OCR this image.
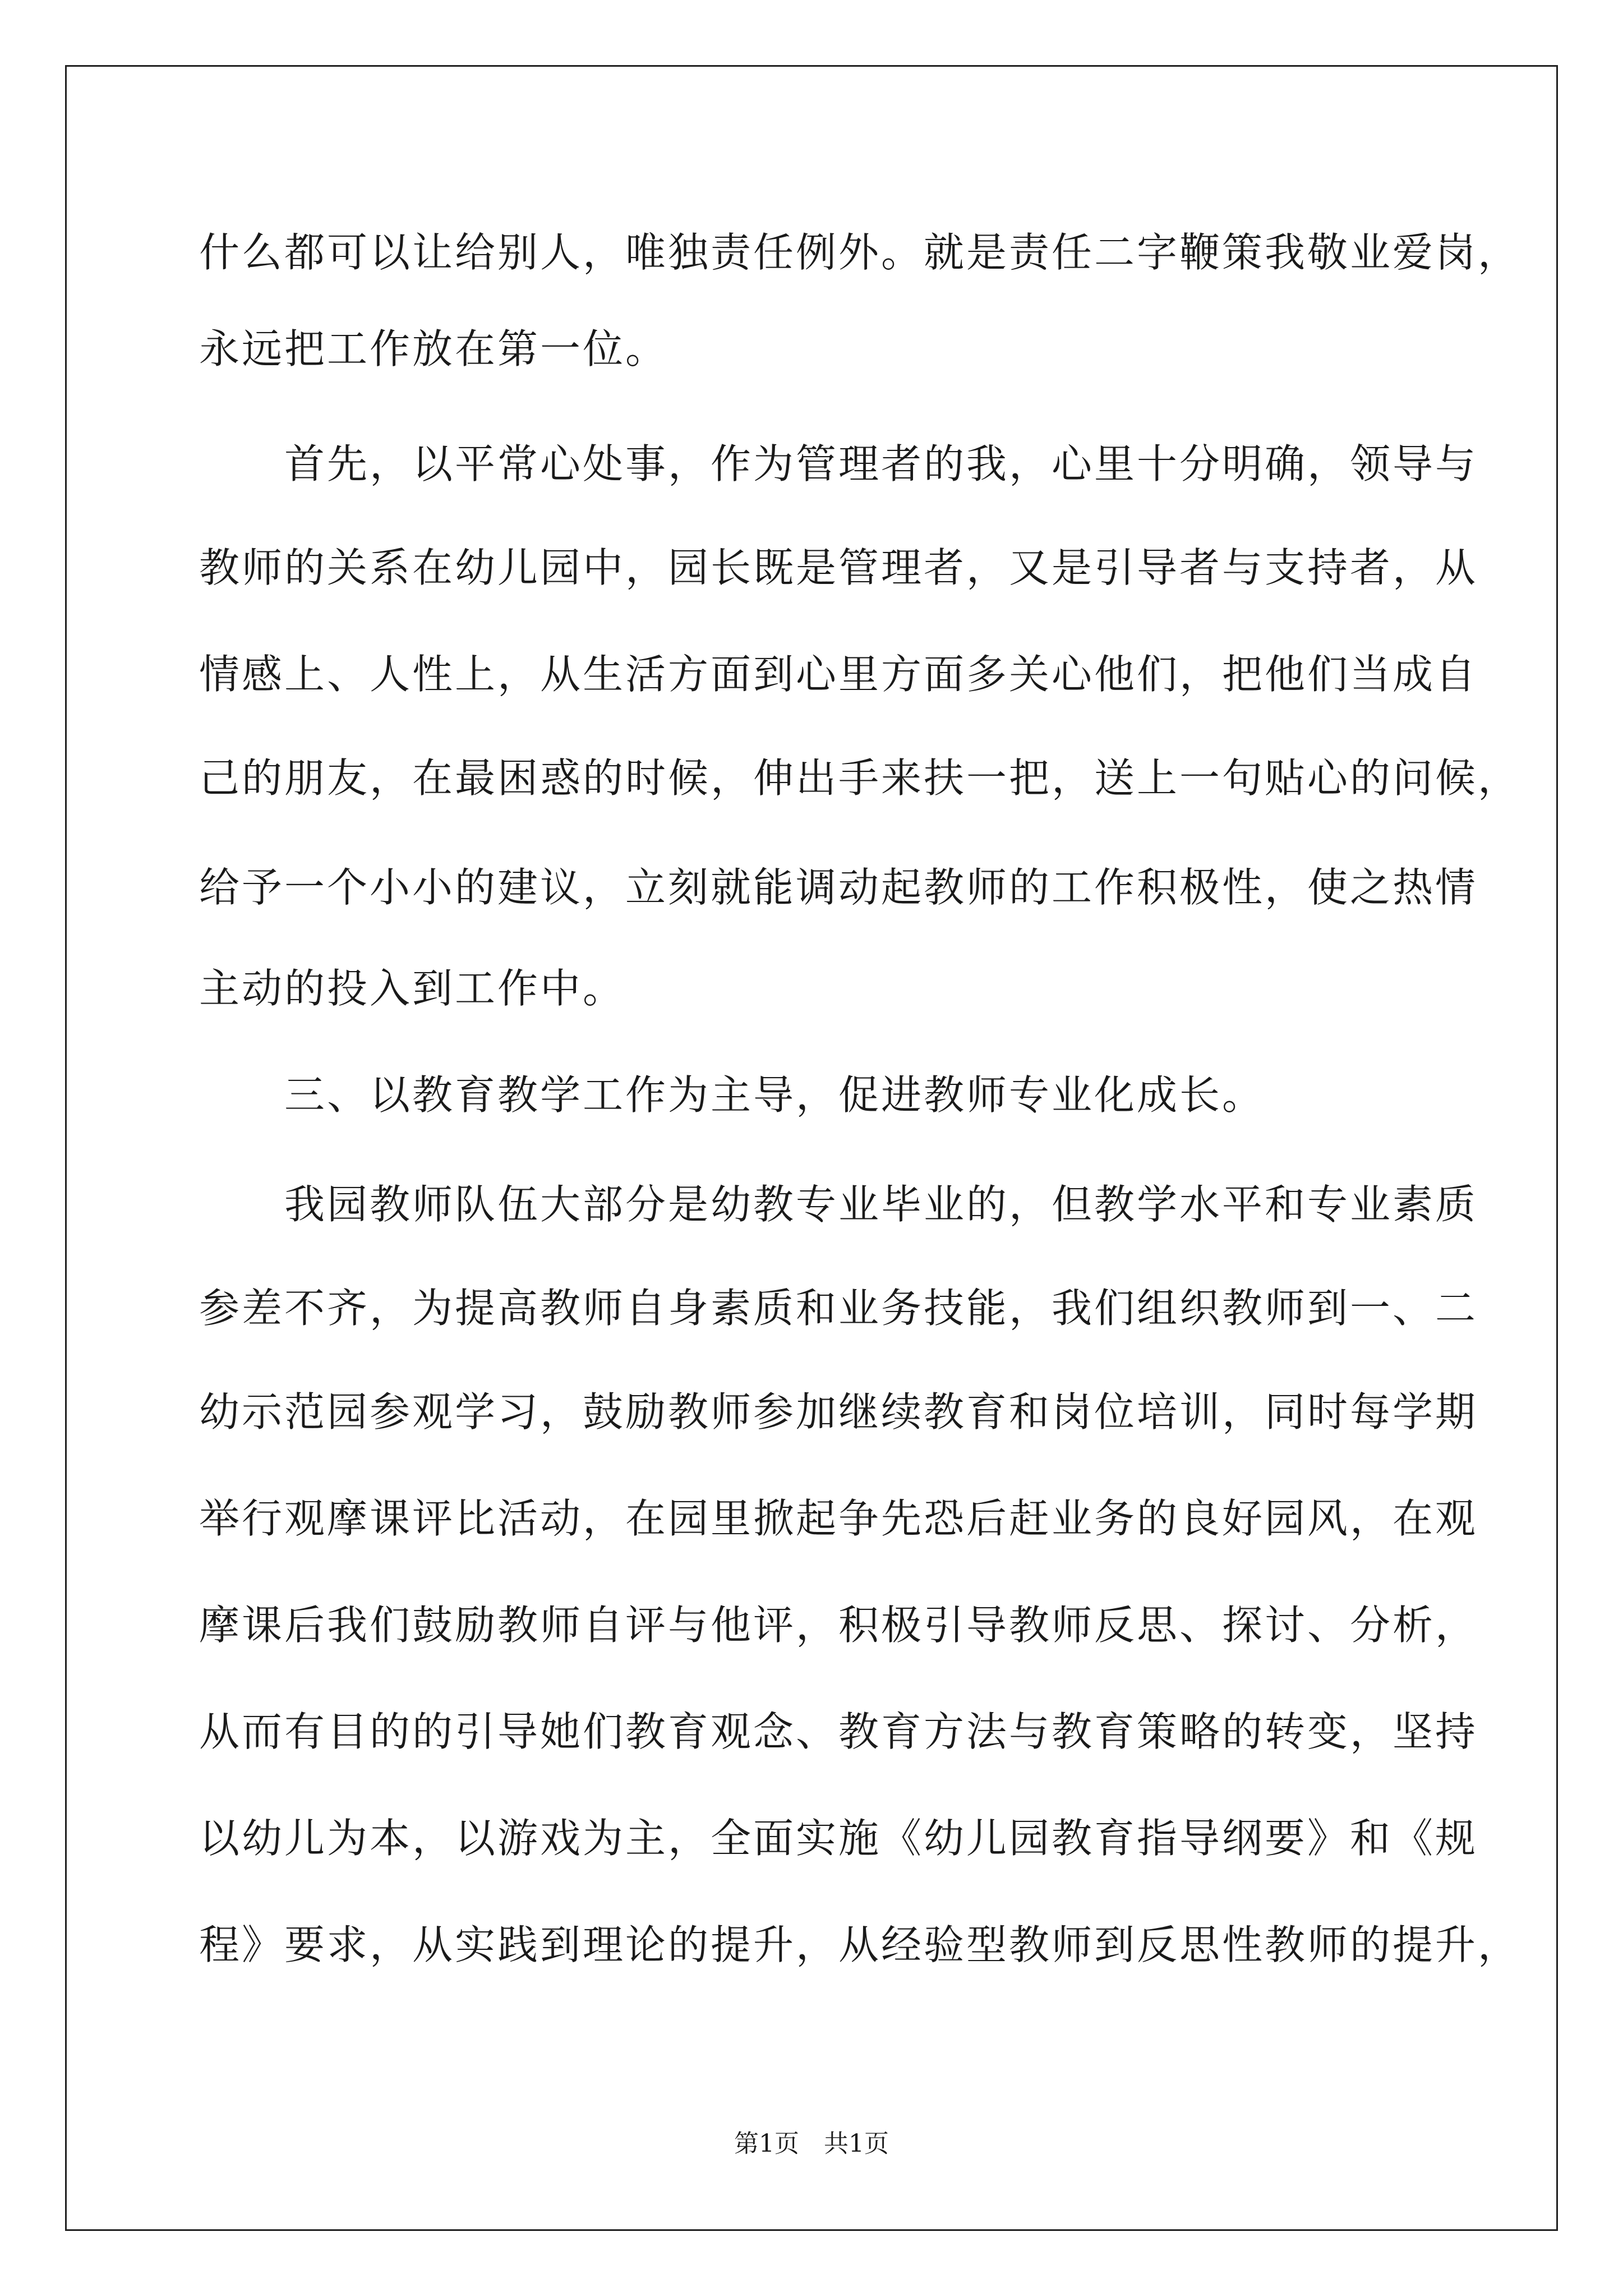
什么都可以让给别人，唯独责任例外。就是责任二字鞭策我敬业爱岗，
永远把工作放在第一位。
　　首先，以平常心处事，作为管理者的我，心里十分明确，领导与
教师的关系在幼儿园中，园长既是管理者，又是引导者与支持者，从
情感上、人性上，从生活方面到心里方面多关心他们，把他们当成自
己的朋友，在最困惑的时候，伸出手来扶一把，送上一句贴心的问候，
给予一个小小的建议，立刻就能调动起教师的工作积极性，使之热情
主动的投入到工作中。
　　三、以教育教学工作为主导，促进教师专业化成长。
　　我园教师队伍大部分是幼教专业毕业的，但教学水平和专业素质
参差不齐，为提高教师自身素质和业务技能，我们组织教师到一、二
幼示范园参观学习，鼓励教师参加继续教育和岗位培训，同时每学期
举行观摩课评比活动，在园里掀起争先恐后赶业务的良好园风，在观
摩课后我们鼓励教师自评与他评，积极引导教师反思、探讨、分析，
从而有目的的引导她们教育观念、教育方法与教育策略的转变，坚持
以幼儿为本，以游戏为主，全面实施《幼儿园教育指导纲要》和《规
程》要求，从实践到理论的提升，从经验型教师到反思性教师的提升，
第1页　共1页
